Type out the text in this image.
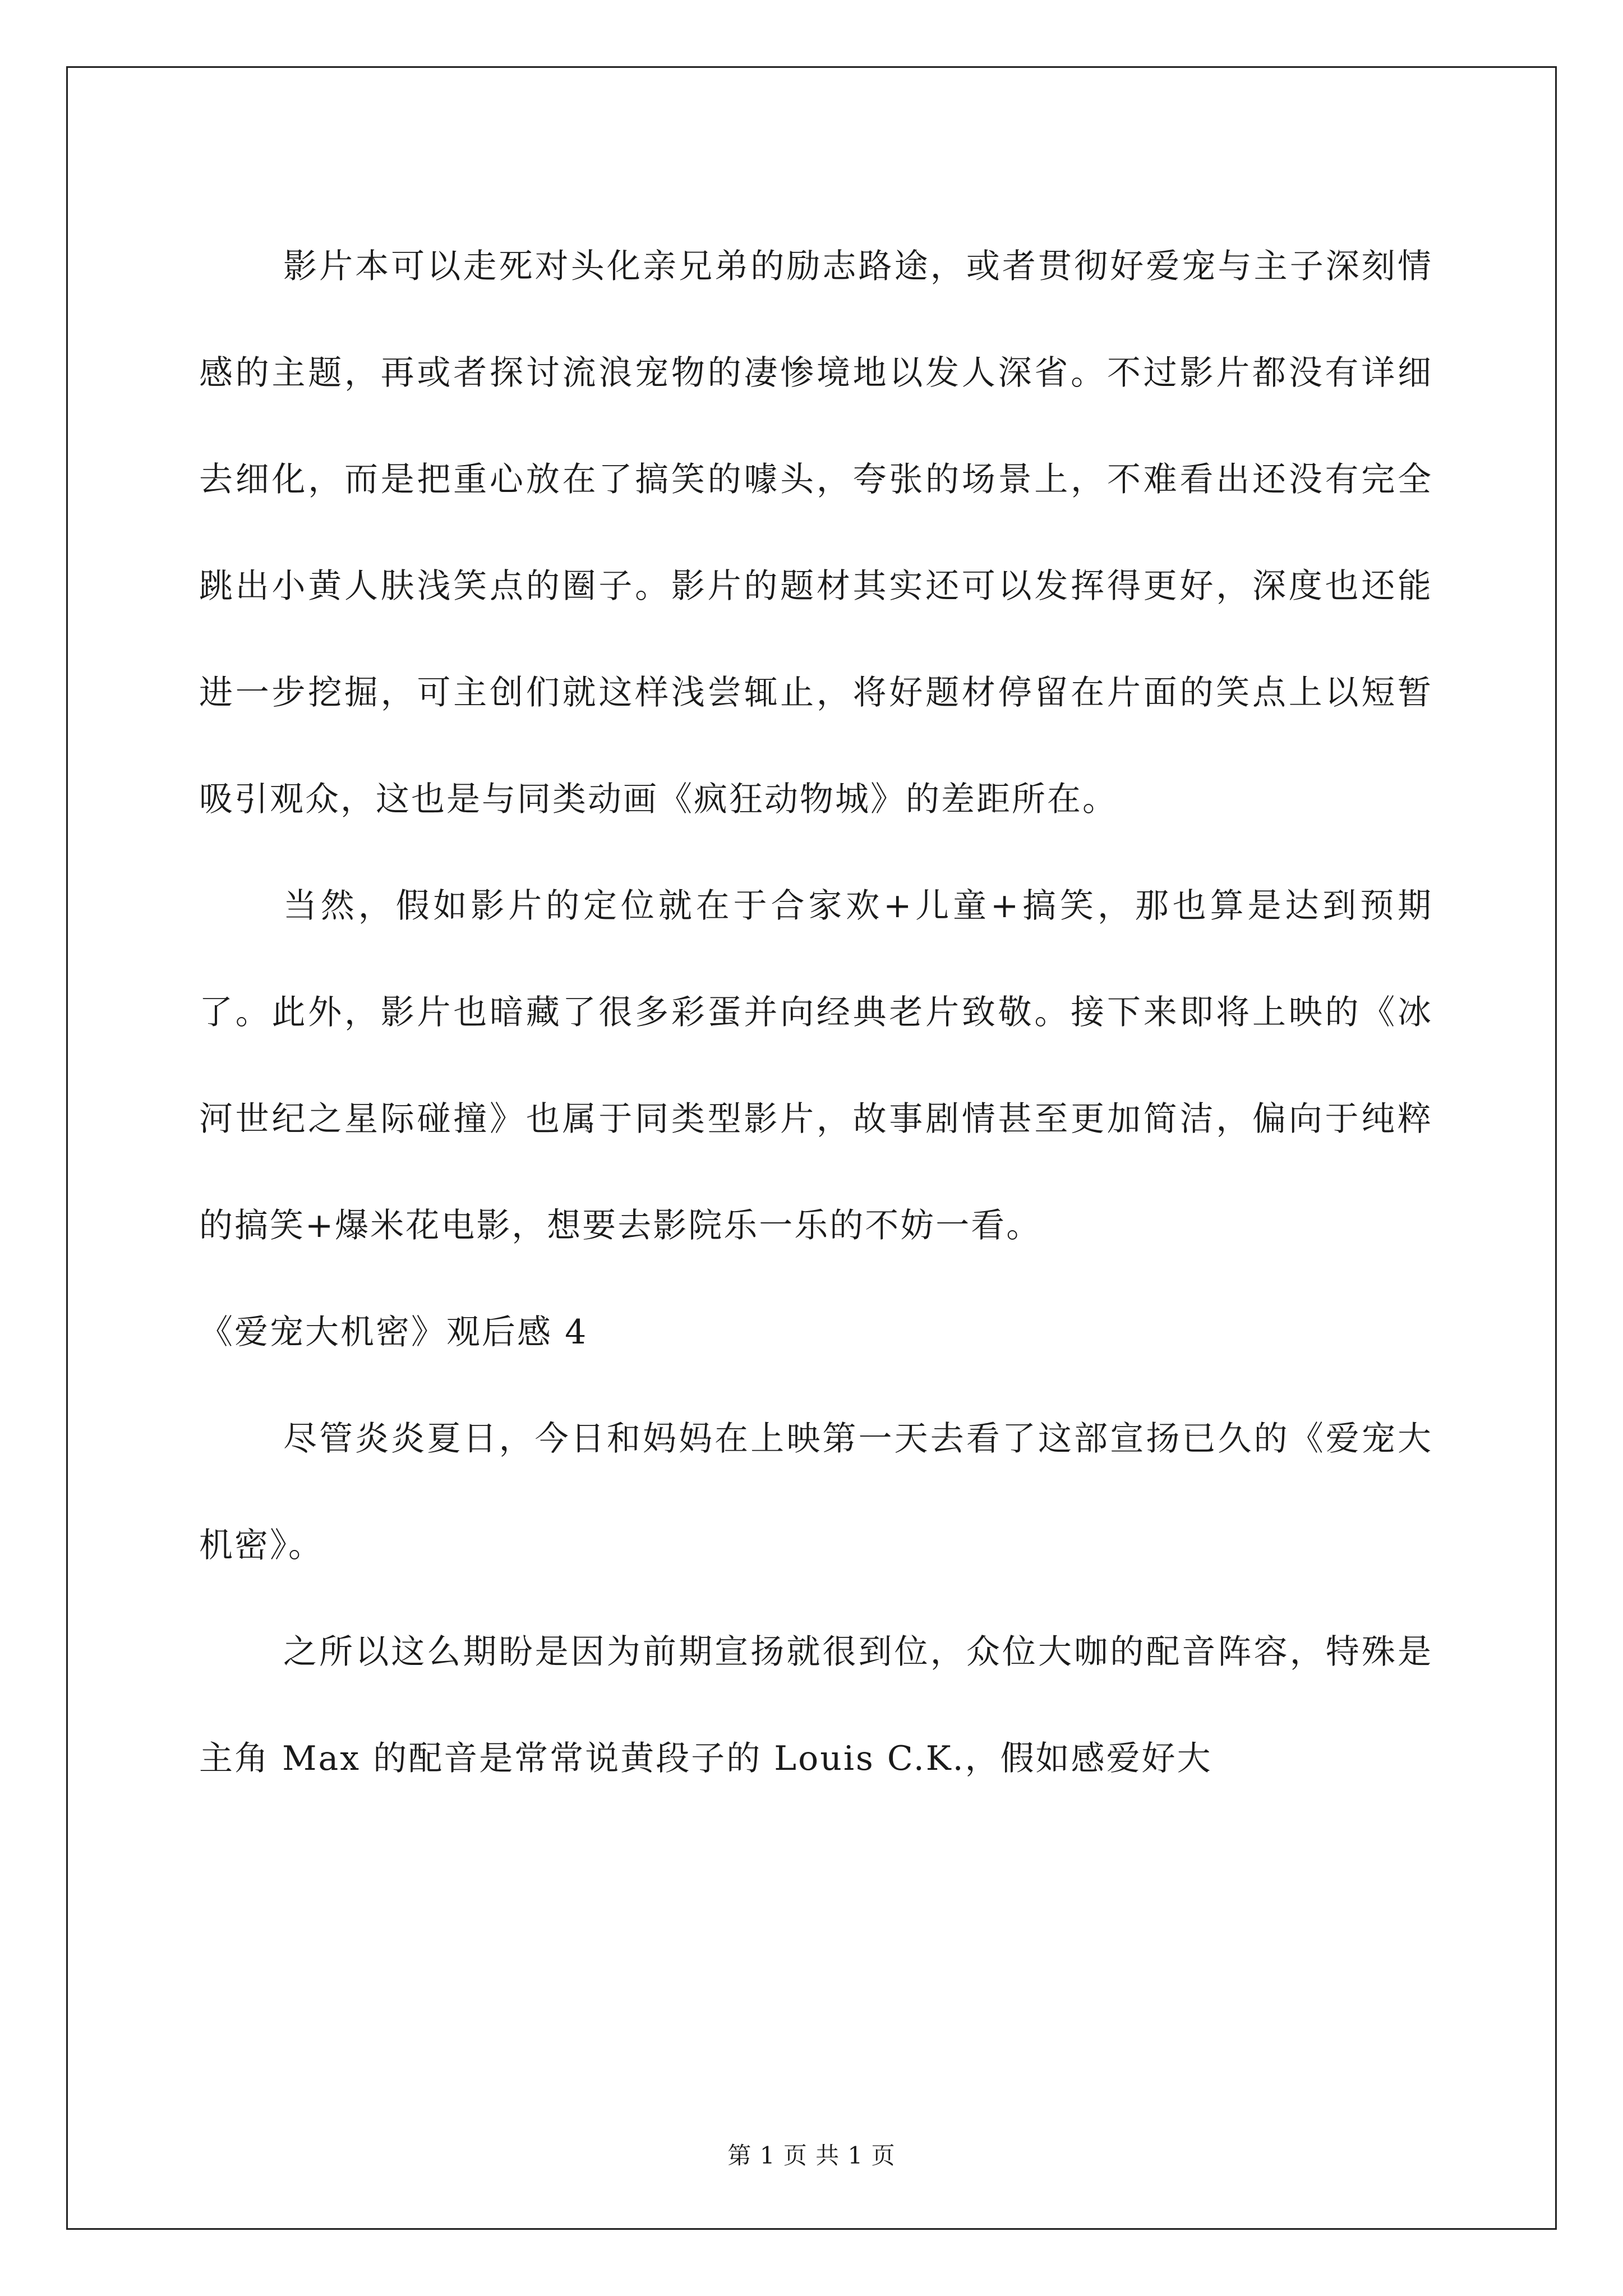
影片本可以走死对头化亲兄弟的励志路途，或者贯彻好爱宠与主子深刻情感的主题，再或者探讨流浪宠物的凄惨境地以发人深省。不过影片都没有详细去细化，而是把重心放在了搞笑的噱头，夸张的场景上，不难看出还没有完全跳出小黄人肤浅笑点的圈子。影片的题材其实还可以发挥得更好，深度也还能进一步挖掘，可主创们就这样浅尝辄止，将好题材停留在片面的笑点上以短暂吸引观众，这也是与同类动画《疯狂动物城》的差距所在。

当然，假如影片的定位就在于合家欢+儿童+搞笑，那也算是达到预期了。此外，影片也暗藏了很多彩蛋并向经典老片致敬。接下来即将上映的《冰河世纪之星际碰撞》也属于同类型影片，故事剧情甚至更加简洁，偏向于纯粹的搞笑+爆米花电影，想要去影院乐一乐的不妨一看。

《爱宠大机密》观后感 4

尽管炎炎夏日，今日和妈妈在上映第一天去看了这部宣扬已久的《爱宠大机密》。

之所以这么期盼是因为前期宣扬就很到位，众位大咖的配音阵容，特殊是主角 Max 的配音是常常说黄段子的 Louis C.K.，假如感爱好大

第 1 页 共 1 页
